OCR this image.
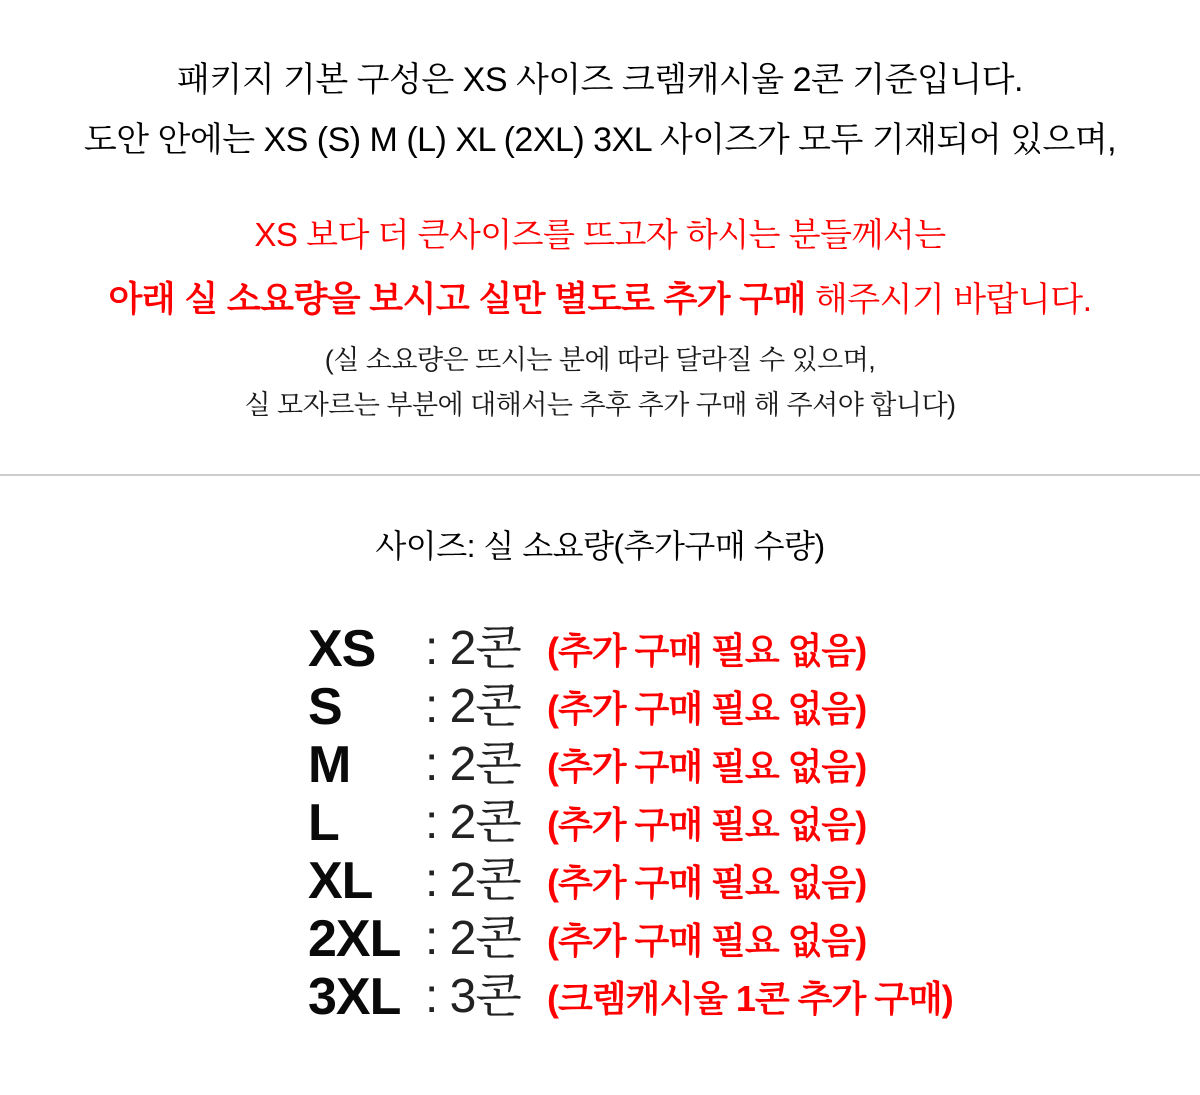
패키지 기본 구성은 XS 사이즈 크렘캐시울 2콘 기준입니다.

도안 안에는 XS (S) M (L) XL (2XL) 3XL 사이즈가 모두 기재되어 있으며,

XS 보다 더 큰사이즈를 뜨고자 하시는 분들께서는

아래 실 소요량을 보시고 실만 별도로 추가 구매 해주시기 바랍니다.

(실 소요량은 뜨시는 분에 따라 달라질 수 있으며,

실 모자르는 부분에 대해서는 추후 추가 구매 해 주셔야 합니다)

사이즈: 실 소요량(추가구매 수량)
XS	: 2콘 (추가 구매 필요 없음)
S	: 2콘 (추가 구매 필요 없음)
M	: 2콘 (추가 구매 필요 없음)
L	: 2콘 (추가 구매 필요 없음)
XL	: 2콘 (추가 구매 필요 없음)
2XL : 2콘 (추가 구매 필요 없음)
3XL : 3콘 (크렘캐시울 1콘 추가 구매)
